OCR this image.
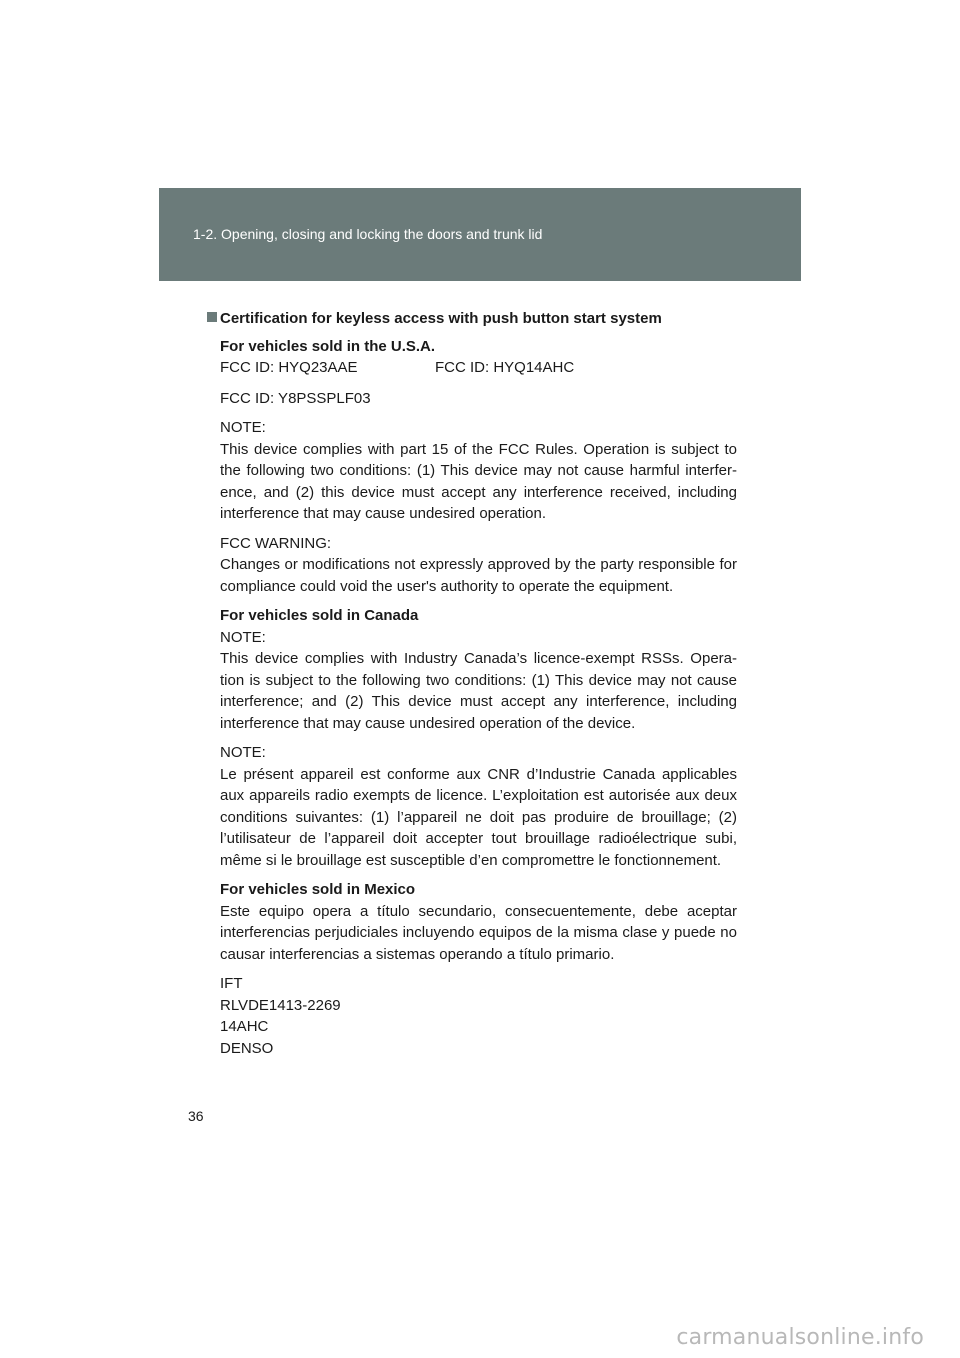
1-2. Opening, closing and locking the doors and trunk lid
Certification for keyless access with push button start system
For vehicles sold in the U.S.A.
FCC ID: HYQ23AAE	FCC ID: HYQ14AHC
FCC ID: Y8PSSPLF03
NOTE:
This device complies with part 15 of the FCC Rules. Operation is subject to the following two conditions: (1) This device may not cause harmful interfer-ence, and (2) this device must accept any interference received, including interference that may cause undesired operation.
FCC WARNING:
Changes or modifications not expressly approved by the party responsible for compliance could void the user's authority to operate the equipment.
For vehicles sold in Canada
NOTE:
This device complies with Industry Canada’s licence-exempt RSSs. Opera-tion is subject to the following two conditions: (1) This device may not cause interference; and (2) This device must accept any interference, including interference that may cause undesired operation of the device.
NOTE:
Le présent appareil est conforme aux CNR d’Industrie Canada applicables aux appareils radio exempts de licence. L’exploitation est autorisée aux deux conditions suivantes: (1) l’appareil ne doit pas produire de brouillage; (2) l’utilisateur de l’appareil doit accepter tout brouillage radioélectrique subi, même si le brouillage est susceptible d’en compromettre le fonctionnement.
For vehicles sold in Mexico
Este equipo opera a título secundario, consecuentemente, debe aceptar interferencias perjudiciales incluyendo equipos de la misma clase y puede no causar interferencias a sistemas operando a título primario.
IFT
RLVDE1413-2269
14AHC
DENSO
36
carmanualsonline.info
